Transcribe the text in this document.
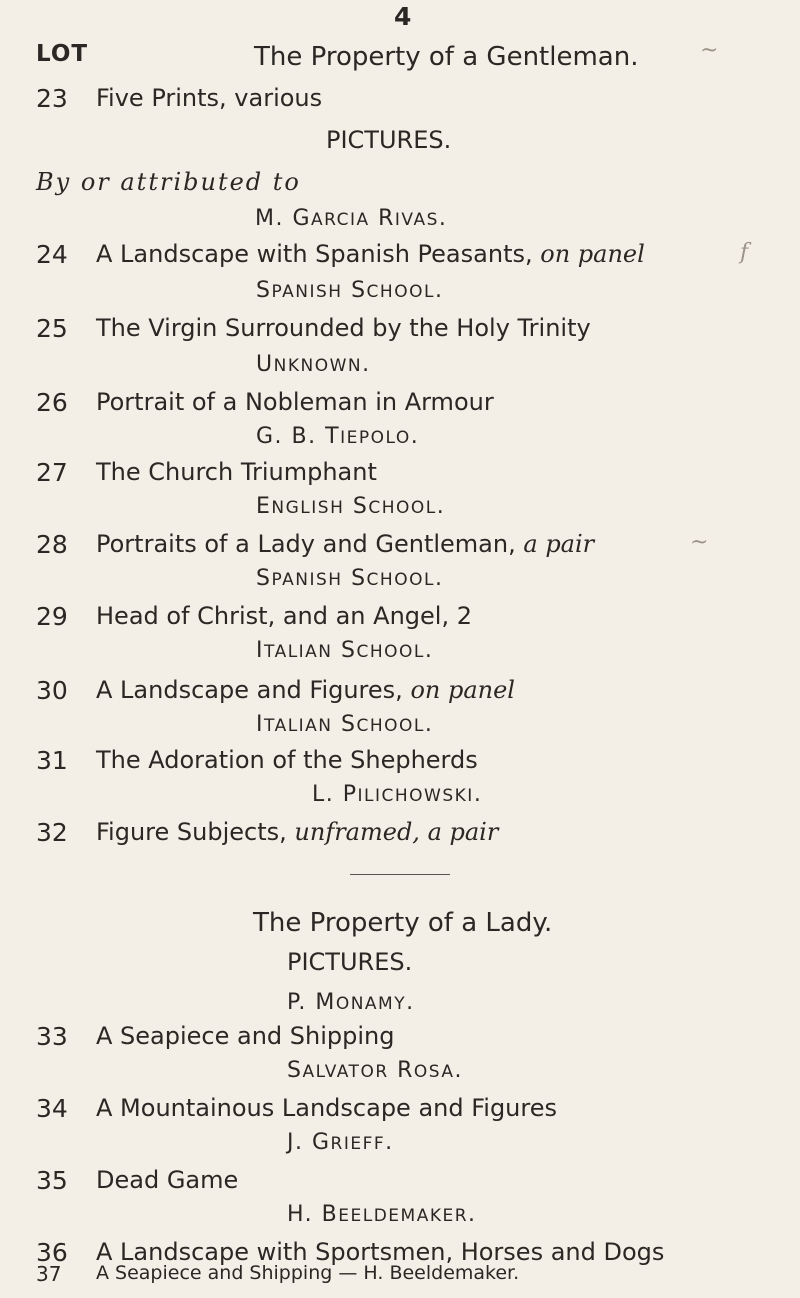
4
LOT	The Property of a Gentleman.
23 Five Prints, various
PICTURES.
By or attributed to
M. GARCIA RIVAS.
24 A Landscape with Spanish Peasants, on panel
SPANISH SCHOOL.
25 The Virgin Surrounded by the Holy Trinity
UNKNOWN.
26 Portrait of a Nobleman in Armour
G. B. TIEPOLO.
27 The Church Triumphant
ENGLISH SCHOOL.
28 Portraits of a Lady and Gentleman, a pair
SPANISH SCHOOL.
29 Head of Christ, and an Angel, 2
ITALIAN SCHOOL.
30 A Landscape and Figures, on panel
ITALIAN SCHOOL.
31 The Adoration of the Shepherds
L. PILICHOWSKI.
32 Figure Subjects, unframed, a pair
The Property of a Lady.
PICTURES.
P. MONAMY.
33 A Seapiece and Shipping
SALVATOR ROSA.
34 A Mountainous Landscape and Figures
J. GRIEFF.
35 Dead Game
H. BEELDEMAKER.
36 A Landscape with Sportsmen, Horses and Dogs
37 A Seapiece and Shipping — H. Beeldemaker.
~
f
~
